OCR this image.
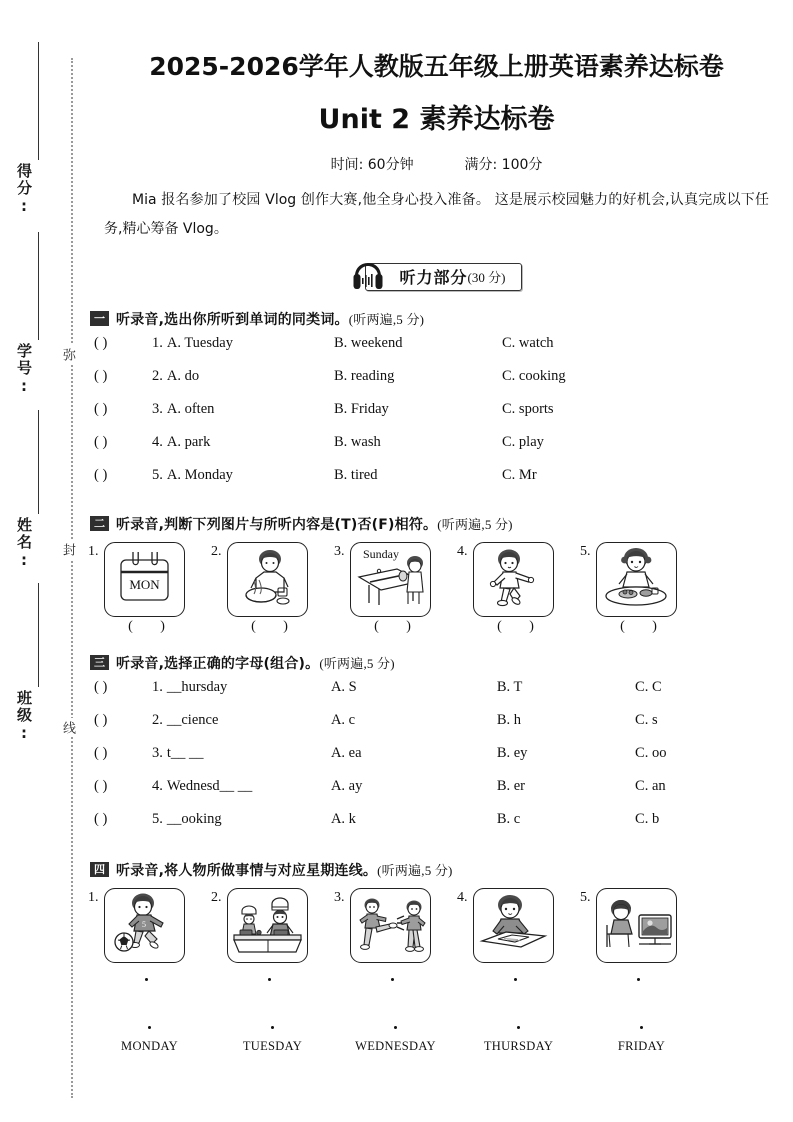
得分:
学号:
姓名:
班级:
弥
封
线
2025-2026学年人教版五年级上册英语素养达标卷
Unit 2 素养达标卷
时间: 60分钟	满分: 100分
Mia 报名参加了校园 Vlog 创作大赛,他全身心投入准备。 这是展示校园魅力的好机会,认真完成以下任务,精心筹备 Vlog。
听力部分 (30 分)
一 听录音,选出你所听到单词的同类词。(听两遍,5 分)
( )	1. A. Tuesday	B. weekend	C. watch
( )	2. A. do	B. reading	C. cooking
( )	3. A. often	B. Friday	C. sports
( )	4. A. park	B. wash	C. play
( )	5. A. Monday	B. tired	C. Mr
二 听录音,判断下列图片与所听内容是(T)否(F)相符。(听两遍,5 分)
1.
MON
( )
2.
( )
3. Sunday
( )
4.
( )
5.
( )
三 听录音,选择正确的字母(组合)。(听两遍,5 分)
( )	1. __hursday	A. S	B. T	C. C
( )	2. __cience	A. c	B. h	C. s
( )	3. t__ __	A. ea	B. ey	C. oo
( )	4. Wednesd__ __	A. ay	B. er	C. an
( )	5. __ooking	A. k	B. c	C. b
四 听录音,将人物所做事情与对应星期连线。(听两遍,5 分)
1.
5
2.	3.	4.	5.
MONDAY	TUESDAY	WEDNESDAY	THURSDAY	FRIDAY
